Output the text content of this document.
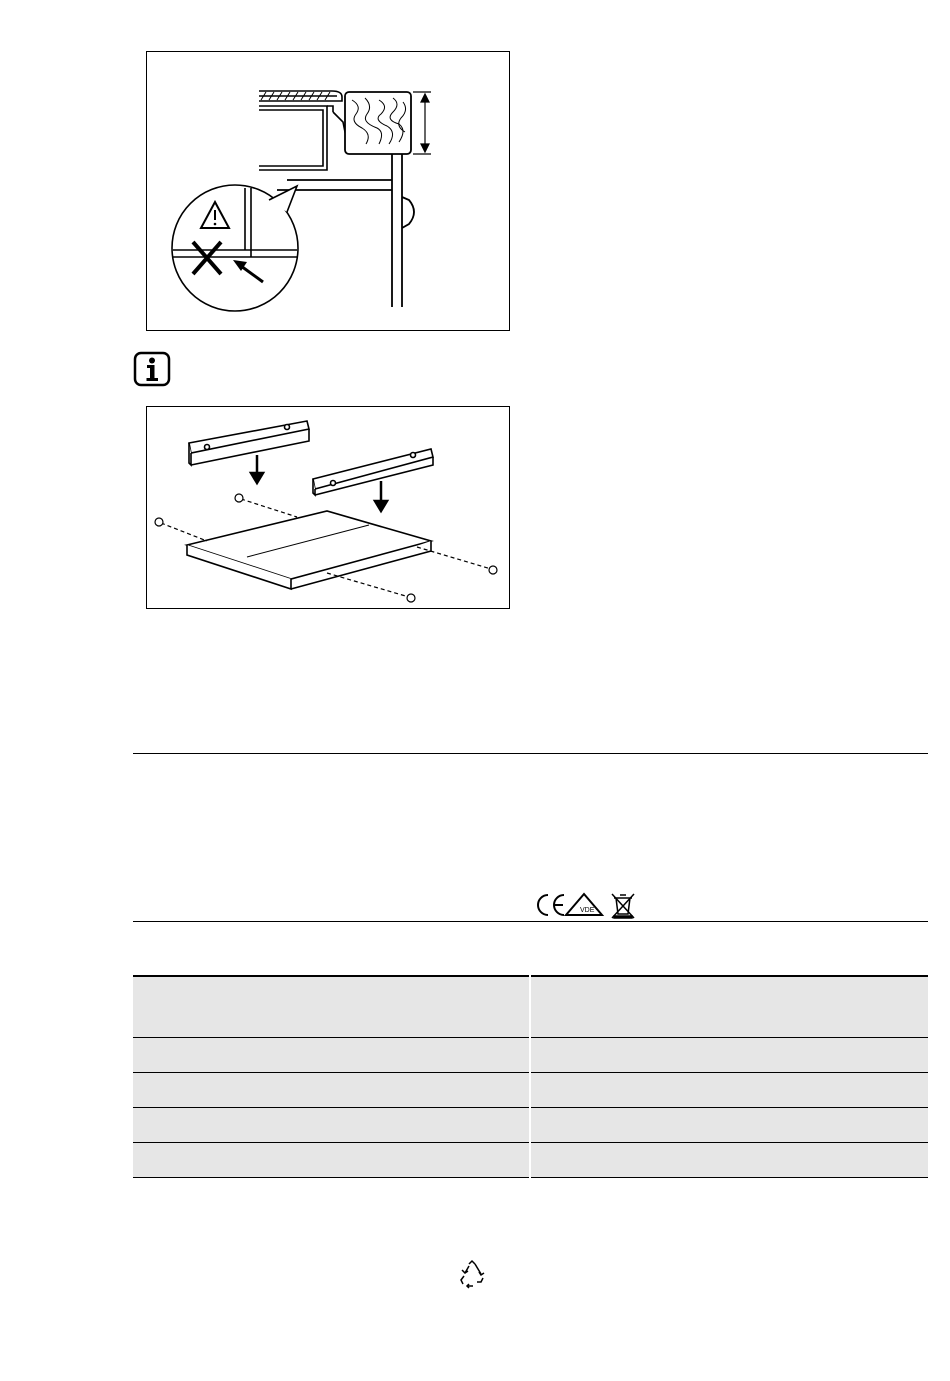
VDE
